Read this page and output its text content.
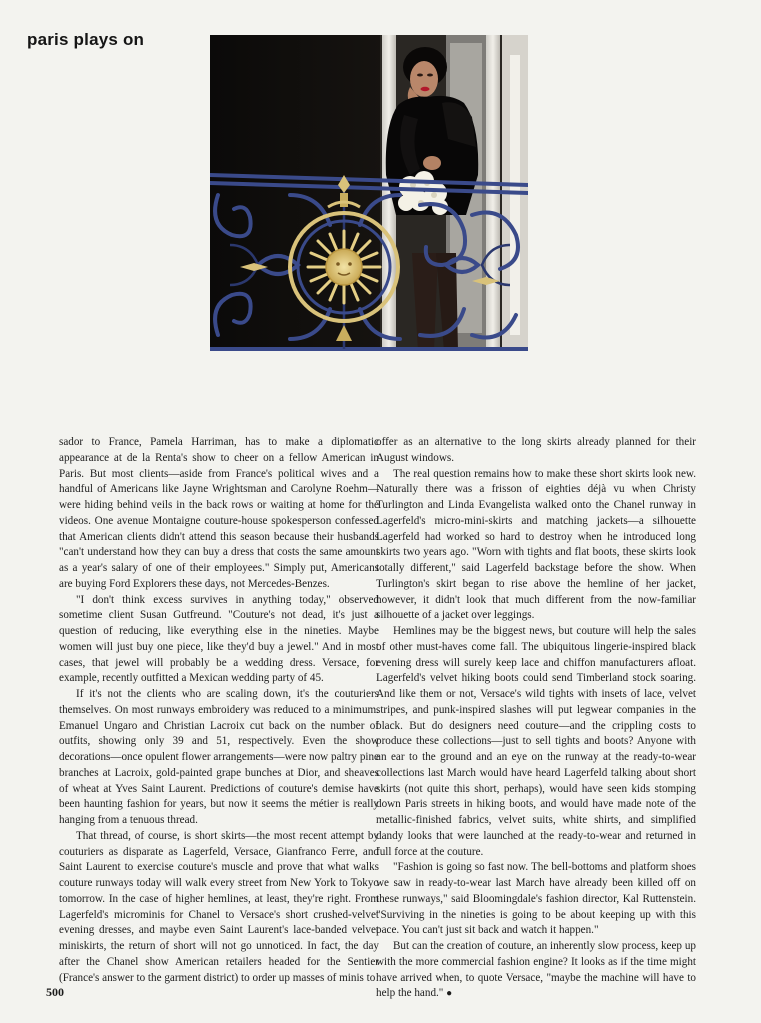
paris plays on

sador to France, Pamela Harriman, has to make a diplomatic appearance at de la Renta's show to cheer on a fellow American in Paris. But most clients—aside from France's political wives and a handful of Americans like Jayne Wrightsman and Carolyne Roehm—were hiding behind veils in the back rows or waiting at home for the videos. One avenue Montaigne couture-house spokesperson confessed that American clients didn't attend this season because their husbands "can't understand how they can buy a dress that costs the same amount as a year's salary of one of their employees." Simply put, Americans are buying Ford Explorers these days, not Mercedes-Benzes.

"I don't think excess survives in anything today," observed sometime client Susan Gutfreund. "Couture's not dead, it's just a question of reducing, like everything else in the nineties. Maybe women will just buy one piece, like they'd buy a jewel." And in most cases, that jewel will probably be a wedding dress. Versace, for example, recently outfitted a Mexican wedding party of 45.

If it's not the clients who are scaling down, it's the couturiers themselves. On most runways embroidery was reduced to a minimum. Emanuel Ungaro and Christian Lacroix cut back on the number of outfits, showing only 39 and 51, respectively. Even the show decorations—once opulent flower arrangements—were now paltry pine branches at Lacroix, gold-painted grape bunches at Dior, and sheaves of wheat at Yves Saint Laurent. Predictions of couture's demise have been haunting fashion for years, but now it seems the métier is really hanging from a tenuous thread.

That thread, of course, is short skirts—the most recent attempt by couturiers as disparate as Lagerfeld, Versace, Gianfranco Ferre, and Saint Laurent to exercise couture's muscle and prove that what walks couture runways today will walk every street from New York to Tokyo tomorrow. In the case of higher hemlines, at least, they're right. From Lagerfeld's microminis for Chanel to Versace's short crushed-velvet evening dresses, and maybe even Saint Laurent's lace-banded velvet miniskirts, the return of short will not go unnoticed. In fact, the day after the Chanel show American retailers headed for the Sentier (France's answer to the garment district) to order up masses of minis to

offer as an alternative to the long skirts already planned for their August windows.

The real question remains how to make these short skirts look new. Naturally there was a frisson of eighties déjà vu when Christy Turlington and Linda Evangelista walked onto the Chanel runway in Lagerfeld's micro-mini-skirts and matching jackets—a silhouette Lagerfeld had worked so hard to destroy when he introduced long skirts two years ago. "Worn with tights and flat boots, these skirts look totally different," said Lagerfeld backstage before the show. When Turlington's skirt began to rise above the hemline of her jacket, however, it didn't look that much different from the now-familiar silhouette of a jacket over leggings.

Hemlines may be the biggest news, but couture will help the sales of other must-haves come fall. The ubiquitous lingerie-inspired black evening dress will surely keep lace and chiffon manufacturers afloat. Lagerfeld's velvet hiking boots could send Timberland stock soaring. And like them or not, Versace's wild tights with insets of lace, velvet stripes, and punk-inspired slashes will put legwear companies in the black. But do designers need couture—and the crippling costs to produce these collections—just to sell tights and boots? Anyone with an ear to the ground and an eye on the runway at the ready-to-wear collections last March would have heard Lagerfeld talking about short skirts (not quite this short, perhaps), would have seen kids stomping down Paris streets in hiking boots, and would have made note of the metallic-finished fabrics, velvet suits, white shirts, and simplified dandy looks that were launched at the ready-to-wear and returned in full force at the couture.

"Fashion is going so fast now. The bell-bottoms and platform shoes we saw in ready-to-wear last March have already been killed off on these runways," said Bloomingdale's fashion director, Kal Ruttenstein. "Surviving in the nineties is going to be about keeping up with this pace. You can't just sit back and watch it happen."

But can the creation of couture, an inherently slow process, keep up with the more commercial fashion engine? It looks as if the time might have arrived when, to quote Versace, "maybe the machine will have to help the hand." ●

500
